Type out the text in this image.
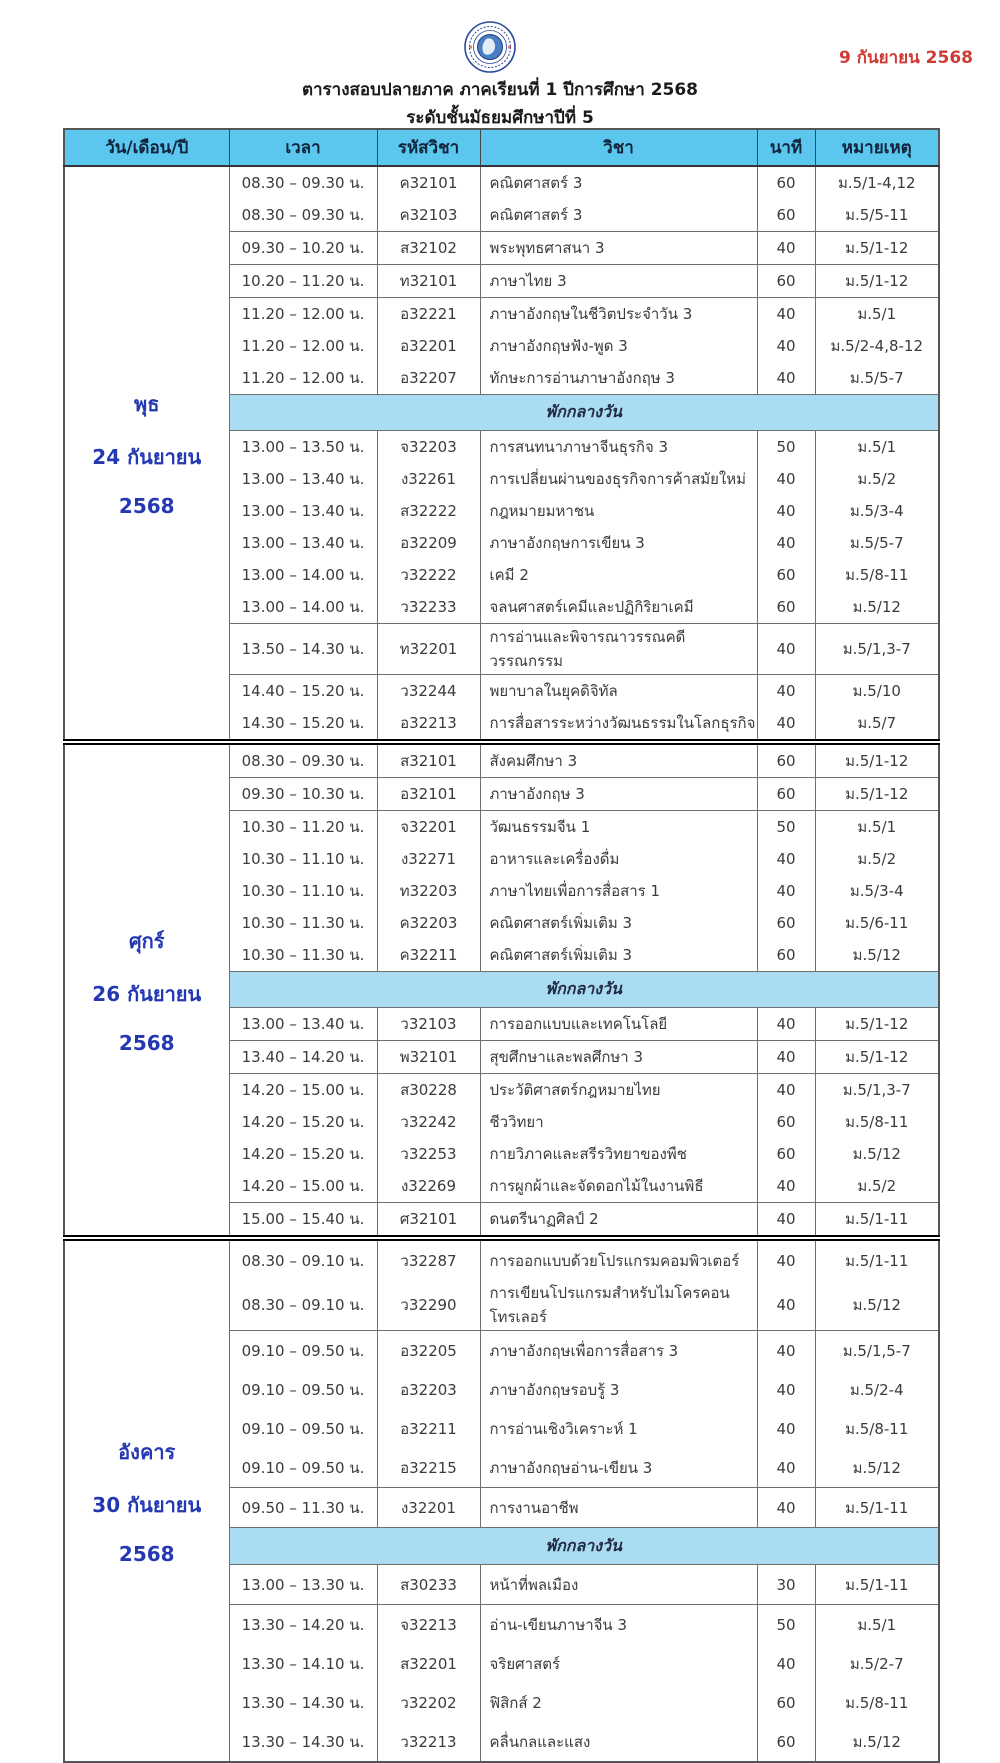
9 กันยายน 2568
ตารางสอบปลายภาค ภาคเรียนที่ 1 ปีการศึกษา 2568
ระดับชั้นมัธยมศึกษาปีที่ 5
วัน/เดือน/ปี	เวลา	รหัสวิชา	วิชา	นาที	หมายเหตุ

พุธ
24 กันยายน
2568	08.30 – 09.30 น.	ค32101	คณิตศาสตร์ 3	60	ม.5/1-4,12
	08.30 – 09.30 น.	ค32103	คณิตศาสตร์ 3	60	ม.5/5-11
	09.30 – 10.20 น.	ส32102	พระพุทธศาสนา 3	40	ม.5/1-12
	10.20 – 11.20 น.	ท32101	ภาษาไทย 3	60	ม.5/1-12
	11.20 – 12.00 น.	อ32221	ภาษาอังกฤษในชีวิตประจำวัน 3	40	ม.5/1
	11.20 – 12.00 น.	อ32201	ภาษาอังกฤษฟัง-พูด 3	40	ม.5/2-4,8-12
	11.20 – 12.00 น.	อ32207	ทักษะการอ่านภาษาอังกฤษ 3	40	ม.5/5-7
	พักกลางวัน				
	13.00 – 13.50 น.	จ32203	การสนทนาภาษาจีนธุรกิจ 3	50	ม.5/1
	13.00 – 13.40 น.	ง32261	การเปลี่ยนผ่านของธุรกิจการค้าสมัยใหม่	40	ม.5/2
	13.00 – 13.40 น.	ส32222	กฎหมายมหาชน	40	ม.5/3-4
	13.00 – 13.40 น.	อ32209	ภาษาอังกฤษการเขียน 3	40	ม.5/5-7
	13.00 – 14.00 น.	ว32222	เคมี 2	60	ม.5/8-11
	13.00 – 14.00 น.	ว32233	จลนศาสตร์เคมีและปฏิกิริยาเคมี	60	ม.5/12
	13.50 – 14.30 น.	ท32201	การอ่านและพิจารณาวรรณคดีวรรณกรรม	40	ม.5/1,3-7
	14.40 – 15.20 น.	ว32244	พยาบาลในยุคดิจิทัล	40	ม.5/10
	14.30 – 15.20 น.	อ32213	การสื่อสารระหว่างวัฒนธรรมในโลกธุรกิจ	40	ม.5/7

ศุกร์
26 กันยายน
2568	08.30 – 09.30 น.	ส32101	สังคมศึกษา 3	60	ม.5/1-12
	09.30 – 10.30 น.	อ32101	ภาษาอังกฤษ 3	60	ม.5/1-12
	10.30 – 11.20 น.	จ32201	วัฒนธรรมจีน 1	50	ม.5/1
	10.30 – 11.10 น.	ง32271	อาหารและเครื่องดื่ม	40	ม.5/2
	10.30 – 11.10 น.	ท32203	ภาษาไทยเพื่อการสื่อสาร 1	40	ม.5/3-4
	10.30 – 11.30 น.	ค32203	คณิตศาสตร์เพิ่มเติม 3	60	ม.5/6-11
	10.30 – 11.30 น.	ค32211	คณิตศาสตร์เพิ่มเติม 3	60	ม.5/12
	พักกลางวัน				
	13.00 – 13.40 น.	ว32103	การออกแบบและเทคโนโลยี	40	ม.5/1-12
	13.40 – 14.20 น.	พ32101	สุขศึกษาและพลศึกษา 3	40	ม.5/1-12
	14.20 – 15.00 น.	ส30228	ประวัติศาสตร์กฎหมายไทย	40	ม.5/1,3-7
	14.20 – 15.20 น.	ว32242	ชีววิทยา	60	ม.5/8-11
	14.20 – 15.20 น.	ว32253	กายวิภาคและสรีรวิทยาของพืช	60	ม.5/12
	14.20 – 15.00 น.	ง32269	การผูกผ้าและจัดดอกไม้ในงานพิธี	40	ม.5/2
	15.00 – 15.40 น.	ศ32101	ดนตรีนาฏศิลป์ 2	40	ม.5/1-11

อังคาร
30 กันยายน
2568	08.30 – 09.10 น.	ว32287	การออกแบบด้วยโปรแกรมคอมพิวเตอร์	40	ม.5/1-11
	08.30 – 09.10 น.	ว32290	การเขียนโปรแกรมสำหรับไมโครคอนโทรเลอร์	40	ม.5/12
	09.10 – 09.50 น.	อ32205	ภาษาอังกฤษเพื่อการสื่อสาร 3	40	ม.5/1,5-7
	09.10 – 09.50 น.	อ32203	ภาษาอังกฤษรอบรู้ 3	40	ม.5/2-4
	09.10 – 09.50 น.	อ32211	การอ่านเชิงวิเคราะห์ 1	40	ม.5/8-11
	09.10 – 09.50 น.	อ32215	ภาษาอังกฤษอ่าน-เขียน 3	40	ม.5/12
	09.50 – 11.30 น.	ง32201	การงานอาชีพ	40	ม.5/1-11
	พักกลางวัน				
	13.00 – 13.30 น.	ส30233	หน้าที่พลเมือง	30	ม.5/1-11
	13.30 – 14.20 น.	จ32213	อ่าน-เขียนภาษาจีน 3	50	ม.5/1
	13.30 – 14.10 น.	ส32201	จริยศาสตร์	40	ม.5/2-7
	13.30 – 14.30 น.	ว32202	ฟิสิกส์ 2	60	ม.5/8-11
	13.30 – 14.30 น.	ว32213	คลื่นกลและแสง	60	ม.5/12
